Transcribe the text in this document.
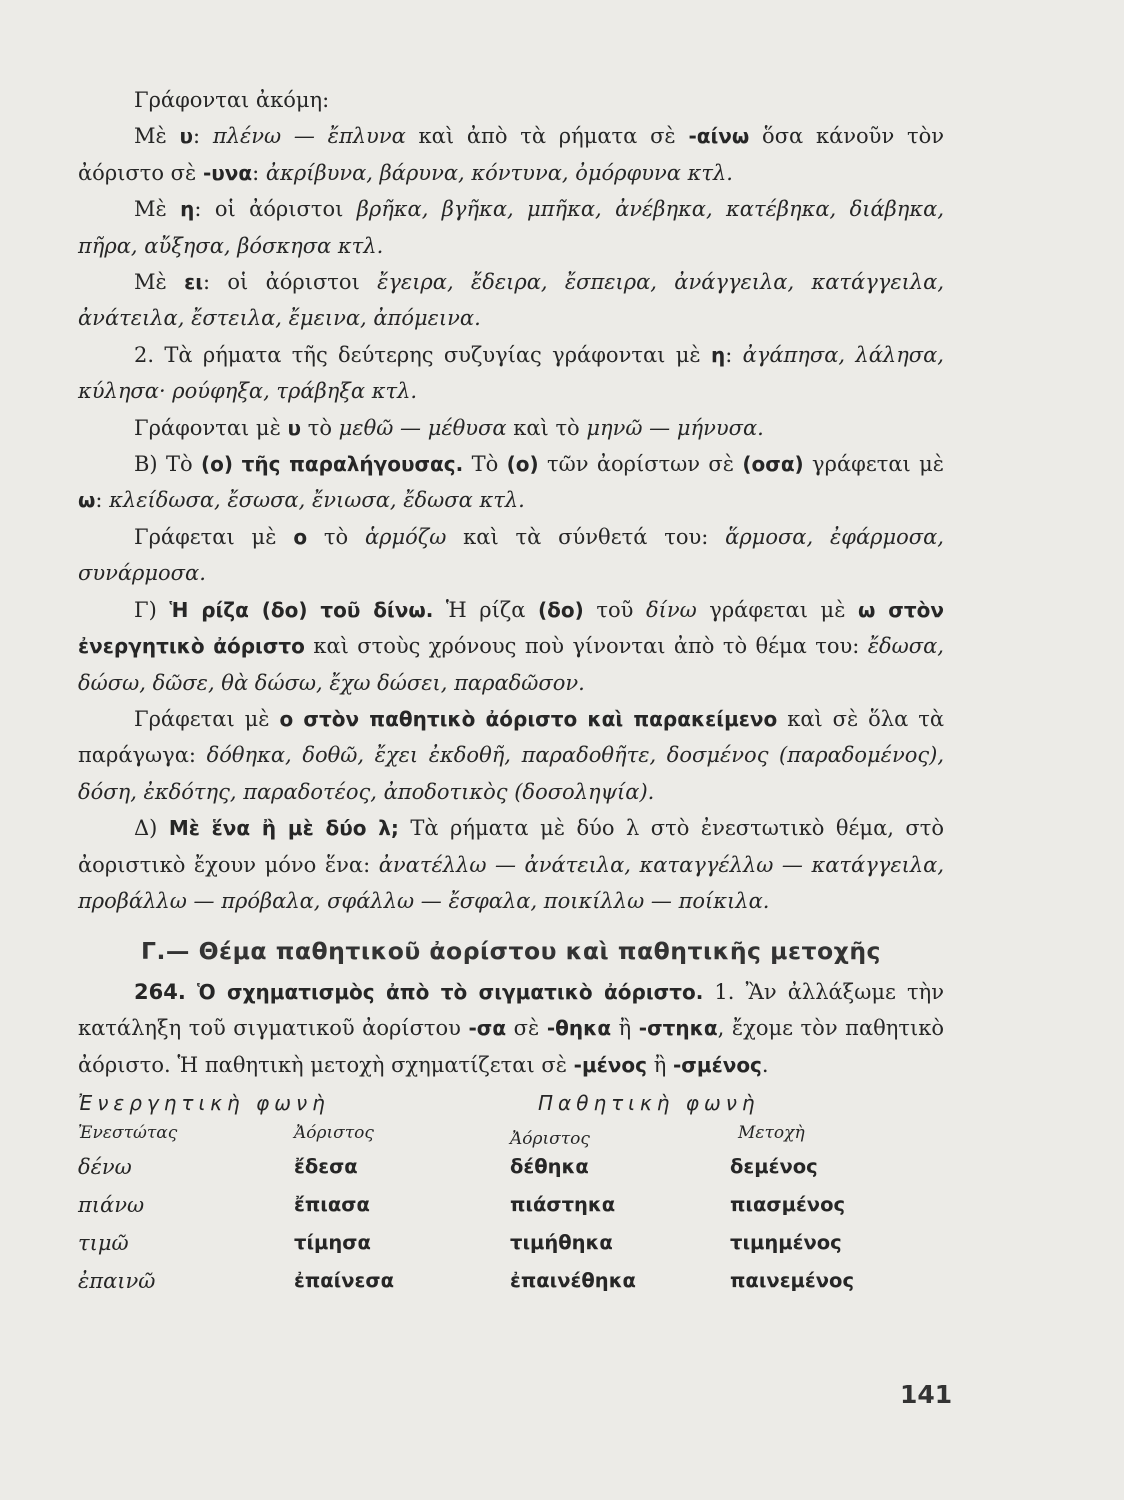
Γράφονται ἀκόμη:

Μὲ υ: πλένω — ἔπλυνα καὶ ἀπὸ τὰ ρήματα σὲ -αίνω ὅσα κάνοῦν τὸν ἀόριστο σὲ -υνα: ἀκρίβυνα, βάρυνα, κόντυνα, ὀμόρφυνα κτλ.

Μὲ η: οἱ ἀόριστοι βρῆκα, βγῆκα, μπῆκα, ἀνέβηκα, κατέβηκα, διάβηκα, πῆρα, αὔξησα, βόσκησα κτλ.

Μὲ ει: οἱ ἀόριστοι ἔγειρα, ἔδειρα, ἔσπειρα, ἀνάγγειλα, κατάγγειλα, ἀνάτειλα, ἔστειλα, ἔμεινα, ἀπόμεινα.

2. Τὰ ρήματα τῆς δεύτερης συζυγίας γράφονται μὲ η: ἀγάπησα, λάλησα, κύλησα· ρούφηξα, τράβηξα κτλ.

Γράφονται μὲ υ τὸ μεθῶ — μέθυσα καὶ τὸ μηνῶ — μήνυσα.

Β) Τὸ (ο) τῆς παραλήγουσας. Τὸ (ο) τῶν ἀορίστων σὲ (οσα) γράφεται μὲ ω: κλείδωσα, ἔσωσα, ἔνιωσα, ἔδωσα κτλ.

Γράφεται μὲ ο τὸ ἁρμόζω καὶ τὰ σύνθετά του: ἅρμοσα, ἐφάρμοσα, συνάρμοσα.

Γ) Ἡ ρίζα (δο) τοῦ δίνω. Ἡ ρίζα (δο) τοῦ δίνω γράφεται μὲ ω στὸν ἐνεργητικὸ ἀόριστο καὶ στοὺς χρόνους ποὺ γίνονται ἀπὸ τὸ θέμα του: ἔδωσα, δώσω, δῶσε, θὰ δώσω, ἔχω δώσει, παραδῶσον.

Γράφεται μὲ ο στὸν παθητικὸ ἀόριστο καὶ παρακείμενο καὶ σὲ ὅλα τὰ παράγωγα: δόθηκα, δοθῶ, ἔχει ἐκδοθῆ, παραδοθῆτε, δοσμένος (παραδομένος), δόση, ἐκδότης, παραδοτέος, ἀποδοτικὸς (δοσοληψία).

Δ) Μὲ ἕνα ἢ μὲ δύο λ; Τὰ ρήματα μὲ δύο λ στὸ ἐνεστωτικὸ θέμα, στὸ ἀοριστικὸ ἔχουν μόνο ἕνα: ἀνατέλλω — ἀνάτειλα, καταγγέλλω — κατάγγειλα, προβάλλω — πρόβαλα, σφάλλω — ἔσφαλα, ποικίλλω — ποίκιλα.

Γ.— Θέμα παθητικοῦ ἀορίστου καὶ παθητικῆς μετοχῆς

264. Ὁ σχηματισμὸς ἀπὸ τὸ σιγματικὸ ἀόριστο. 1. Ἂν ἀλλάξωμε τὴν κατάληξη τοῦ σιγματικοῦ ἀορίστου -σα σὲ -θηκα ἢ -στηκα, ἔχομε τὸν παθητικὸ ἀόριστο. Ἡ παθητικὴ μετοχὴ σχηματίζεται σὲ -μένος ἢ -σμένος.

Ἐνεργητικὴ φωνὴ	Παθητικὴ φωνὴ
Ἐνεστώτας	Ἀόριστος	Ἀόριστος	Μετοχὴ
δένω	ἔδεσα	δέθηκα	δεμένος
πιάνω	ἔπιασα	πιάστηκα	πιασμένος
τιμῶ	τίμησα	τιμήθηκα	τιμημένος
ἐπαινῶ	ἐπαίνεσα	ἐπαινέθηκα	παινεμένος
141
